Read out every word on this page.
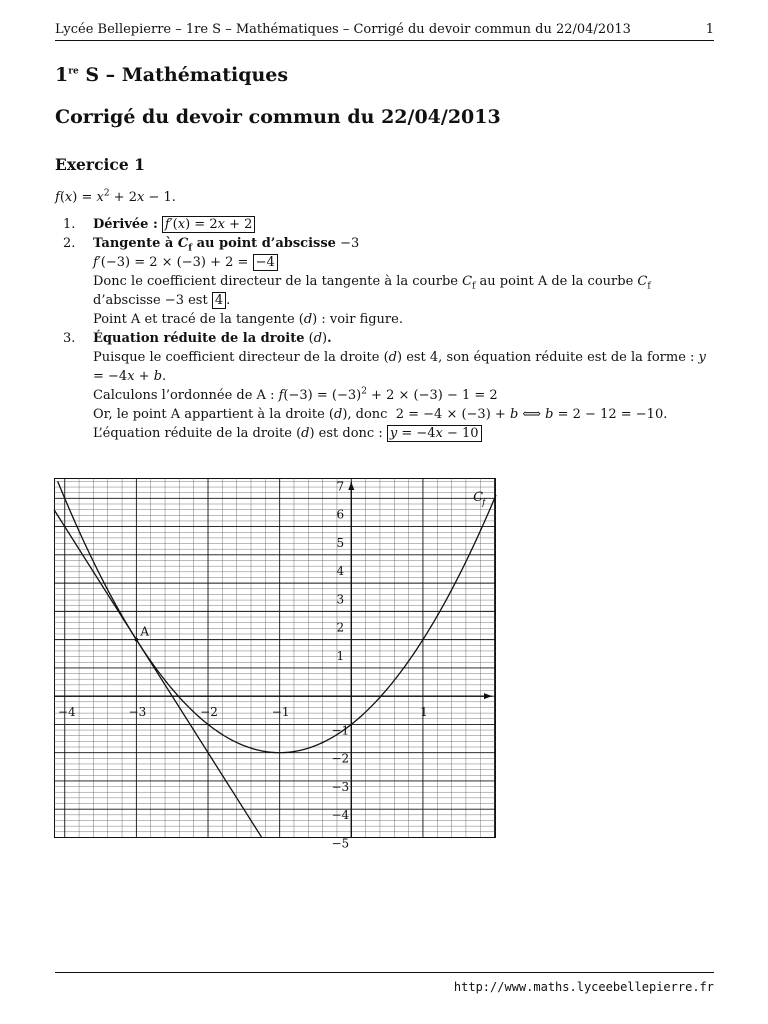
Lycée Bellepierre – 1re S – Mathématiques – Corrigé du devoir commun du 22/04/2013	1
1re S – Mathématiques
Corrigé du devoir commun du 22/04/2013
Exercice 1
$f(x) = x^2 + 2x - 1$.
1. Dérivée : f′(x) = 2x + 2
2. Tangente à $C_f$ au point d’abscisse −3
f′(−3) = 2 × (−3) + 2 = −4
Donc le coefficient directeur de la tangente à la courbe $C_f$ au point A de la courbe $C_f$ d’abscisse −3 est 4 .
Point A et tracé de la tangente (d) : voir figure.
3. Équation réduite de la droite (d).
Puisque le coefficient directeur de la droite (d) est 4, son équation réduite est de la forme : y = −4x + b.
Calculons l’ordonnée de A : $f(-3) = (-3)^2 + 2 \times (-3) - 1 = 2$
Or, le point A appartient à la droite (d), donc  2 = −4 × (−3) + b ⟺ b = 2 − 12 = −10.
L’équation réduite de la droite (d) est donc : y = −4x − 10
−4	−3	−2	−1	1
7
6
5
4
3
2
1
−1
−2
−3
−4
−5
A
C f
http://www.maths.lyceebellepierre.fr
